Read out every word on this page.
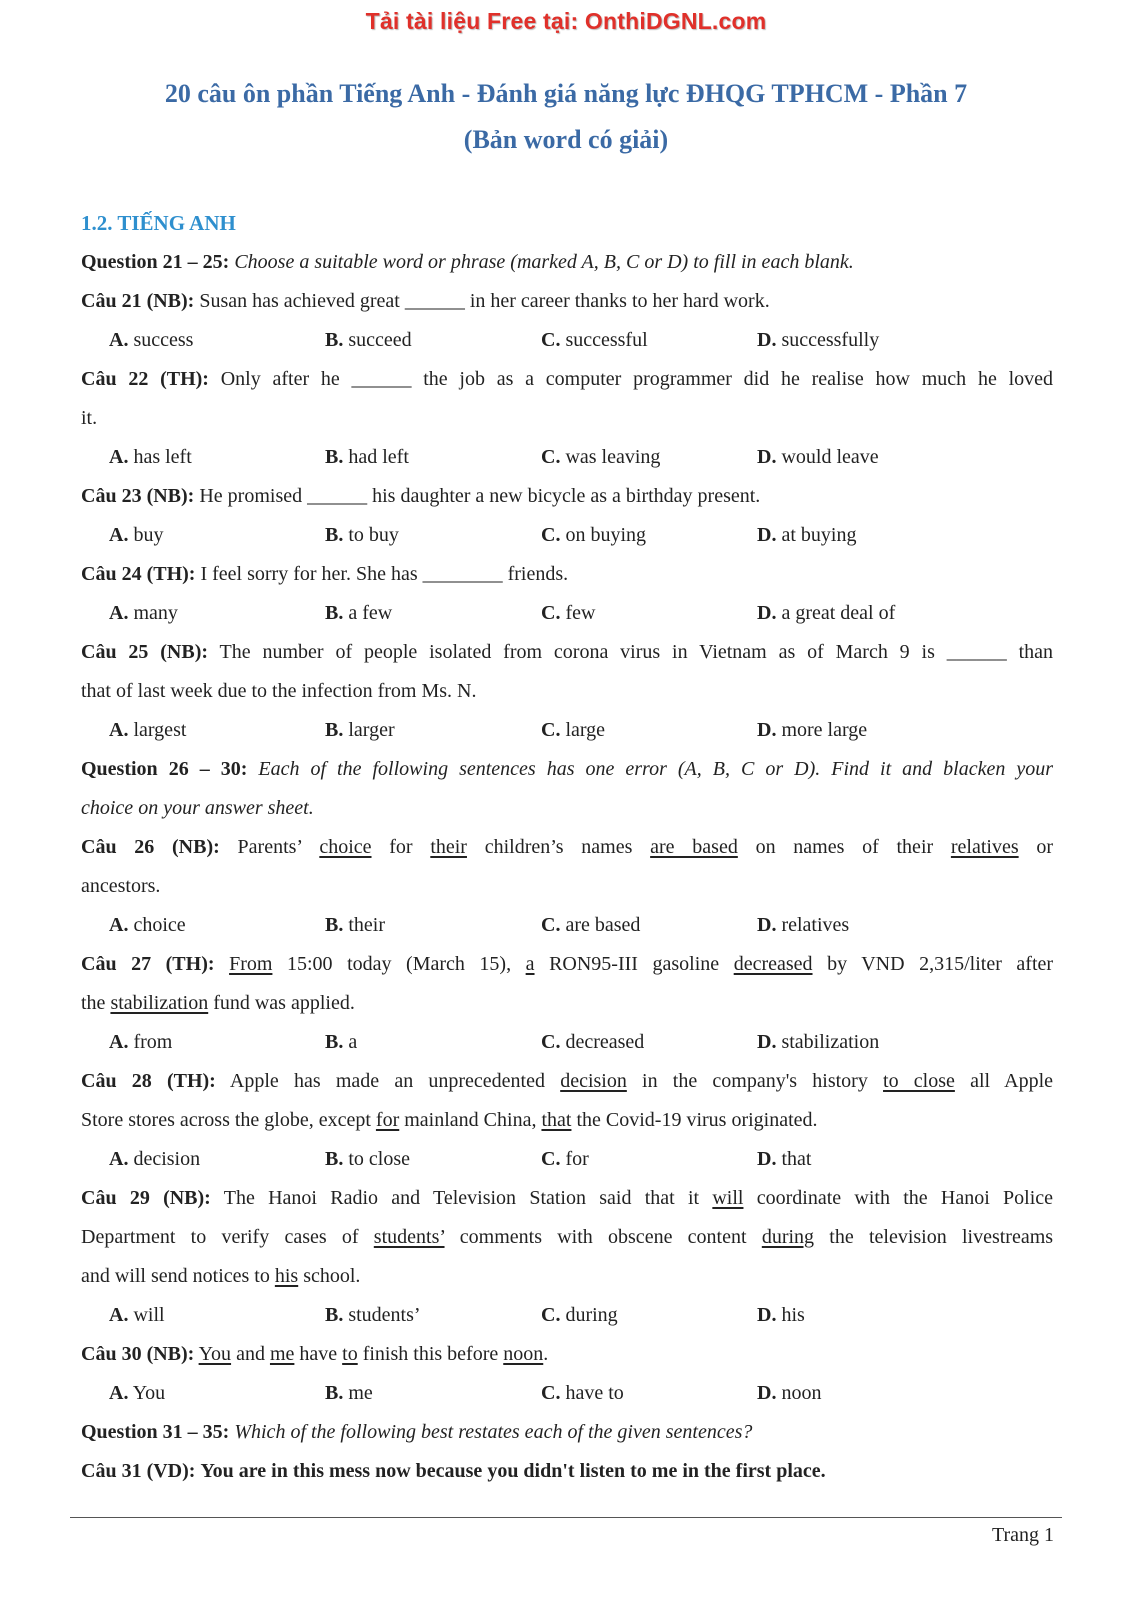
Tải tài liệu Free tại: OnthiDGNL.com
20 câu ôn phần Tiếng Anh - Đánh giá năng lực ĐHQG TPHCM - Phần 7
(Bản word có giải)
1.2. TIẾNG ANH
Question 21 – 25: Choose a suitable word or phrase (marked A, B, C or D) to fill in each blank.
Câu 21 (NB): Susan has achieved great ______ in her career thanks to her hard work.
A. success	B. succeed	C. successful	D. successfully
Câu 22 (TH): Only after he ______ the job as a computer programmer did he realise how much he loved
it.
A. has left	B. had left	C. was leaving	D. would leave
Câu 23 (NB): He promised ______ his daughter a new bicycle as a birthday present.
A. buy	B. to buy	C. on buying	D. at buying
Câu 24 (TH): I feel sorry for her. She has ________ friends.
A. many	B. a few	C. few	D. a great deal of
Câu 25 (NB): The number of people isolated from corona virus in Vietnam as of March 9 is ______ than
that of last week due to the infection from Ms. N.
A. largest	B. larger	C. large	D. more large
Question 26 – 30: Each of the following sentences has one error (A, B, C or D). Find it and blacken your
choice on your answer sheet.
Câu 26 (NB): Parents’ choice for their children’s names are based on names of their relatives or
ancestors.
A. choice	B. their	C. are based	D. relatives
Câu 27 (TH): From 15:00 today (March 15), a RON95-III gasoline decreased by VND 2,315/liter after
the stabilization fund was applied.
A. from	B. a	C. decreased	D. stabilization
Câu 28 (TH): Apple has made an unprecedented decision in the company's history to close all Apple
Store stores across the globe, except for mainland China, that the Covid-19 virus originated.
A. decision	B. to close	C. for	D. that
Câu 29 (NB): The Hanoi Radio and Television Station said that it will coordinate with the Hanoi Police
Department to verify cases of students’ comments with obscene content during the television livestreams
and will send notices to his school.
A. will	B. students’	C. during	D. his
Câu 30 (NB): You and me have to finish this before noon.
A. You	B. me	C. have to	D. noon
Question 31 – 35: Which of the following best restates each of the given sentences?
Câu 31 (VD): You are in this mess now because you didn't listen to me in the first place.
Trang 1
